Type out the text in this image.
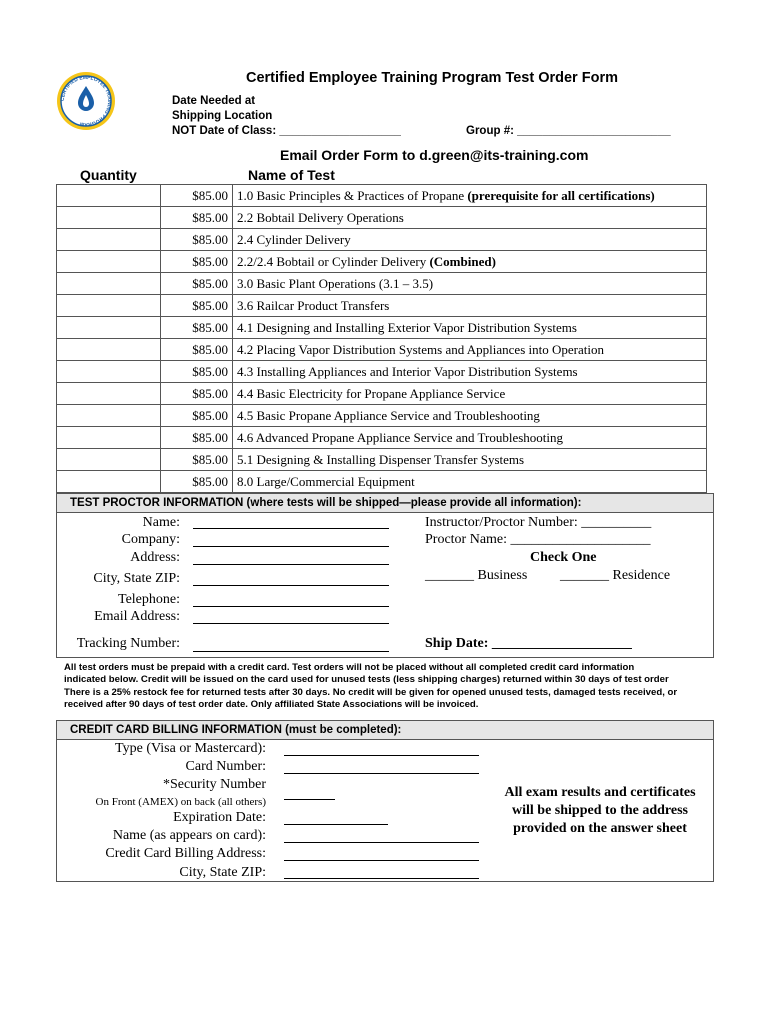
CERTIFIED EMPLOYEE TRAINING PROGRAM
Certified Employee Training Program Test Order Form
Date Needed at
Shipping Location
NOT Date of Class: ___________________	Group #: ________________________
Email Order Form to d.green@its-training.com
Quantity	Name of Test
	$85.00	1.0 Basic Principles & Practices of Propane (prerequisite for all certifications)
	$85.00	2.2 Bobtail Delivery Operations
	$85.00	2.4 Cylinder Delivery
	$85.00	2.2/2.4 Bobtail or Cylinder Delivery (Combined)
	$85.00	3.0 Basic Plant Operations (3.1 – 3.5)
	$85.00	3.6 Railcar Product Transfers
	$85.00	4.1 Designing and Installing Exterior Vapor Distribution Systems
	$85.00	4.2 Placing Vapor Distribution Systems and Appliances into Operation
	$85.00	4.3 Installing Appliances and Interior Vapor Distribution Systems
	$85.00	4.4 Basic Electricity for Propane Appliance Service
	$85.00	4.5 Basic Propane Appliance Service and Troubleshooting
	$85.00	4.6 Advanced Propane Appliance Service and Troubleshooting
	$85.00	5.1 Designing & Installing Dispenser Transfer Systems
	$85.00	8.0 Large/Commercial Equipment
TEST PROCTOR INFORMATION (where tests will be shipped—please provide all information):
Name:
Company:
Address:
City, State ZIP:
Telephone:
Email Address:
Tracking Number:
Instructor/Proctor Number: __________
Proctor Name: ____________________
Check One
_______ Business _______ Residence
Ship Date: ____________________
All test orders must be prepaid with a credit card. Test orders will not be placed without all completed credit card information
indicated below. Credit will be issued on the card used for unused tests (less shipping charges) returned within 30 days of test order
There is a 25% restock fee for returned tests after 30 days. No credit will be given for opened unused tests, damaged tests received, or
received after 90 days of test order date. Only affiliated State Associations will be invoiced.
CREDIT CARD BILLING INFORMATION (must be completed):
Type (Visa or Mastercard):
Card Number:
*Security Number
On Front (AMEX) on back (all others)
Expiration Date:
Name (as appears on card):
Credit Card Billing Address:
City, State ZIP:
All exam results and certificates
will be shipped to the address
provided on the answer sheet
